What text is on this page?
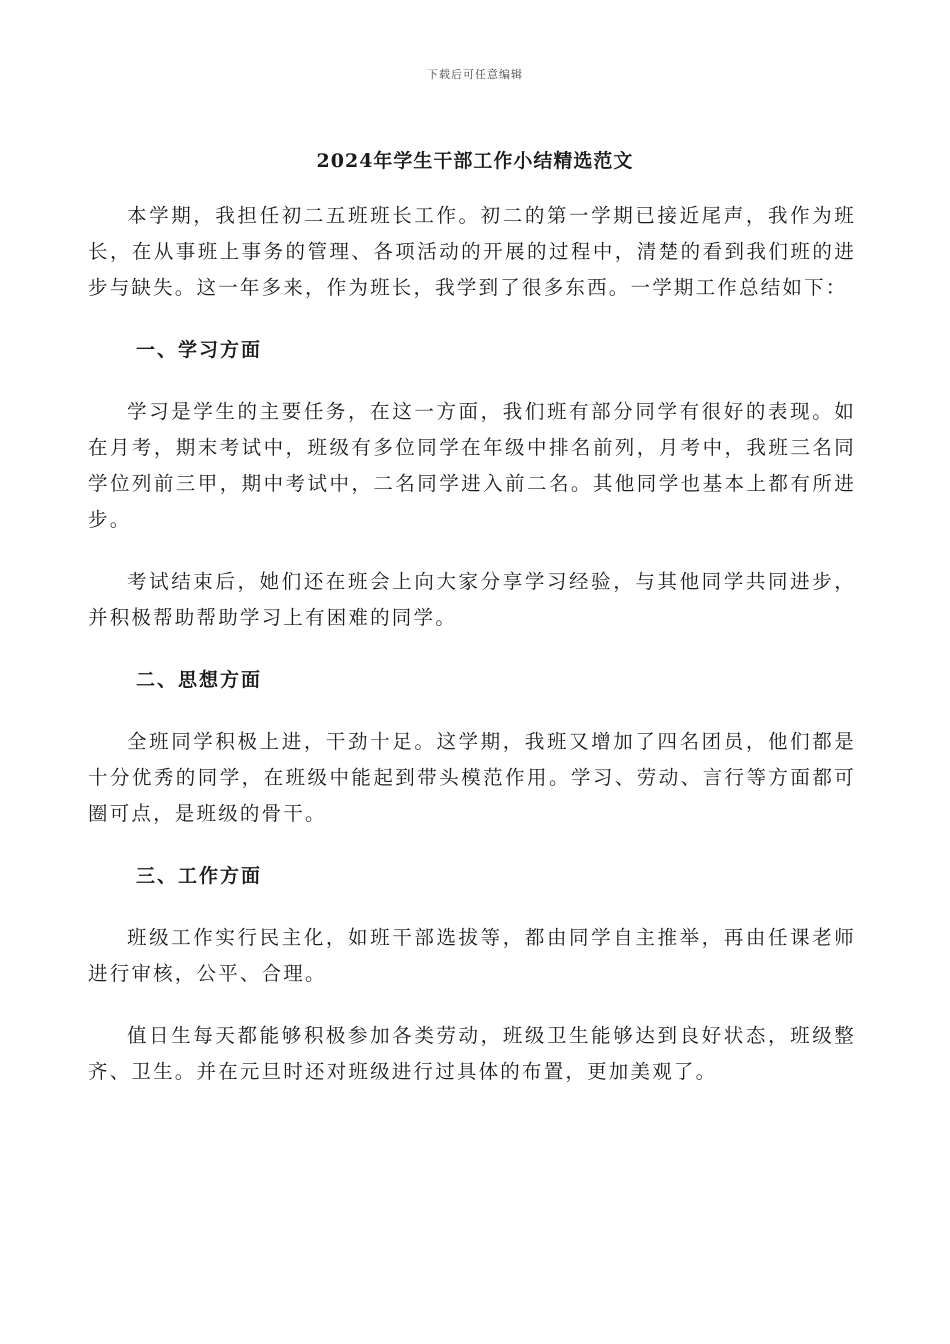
下载后可任意编辑
2024年学生干部工作小结精选范文

本学期，我担任初二五班班长工作。初二的第一学期已接近尾声，我作为班长，在从事班上事务的管理、各项活动的开展的过程中，清楚的看到我们班的进步与缺失。这一年多来，作为班长，我学到了很多东西。一学期工作总结如下：

一、学习方面

学习是学生的主要任务，在这一方面，我们班有部分同学有很好的表现。如在月考，期末考试中，班级有多位同学在年级中排名前列，月考中，我班三名同学位列前三甲，期中考试中，二名同学进入前二名。其他同学也基本上都有所进步。

考试结束后，她们还在班会上向大家分享学习经验，与其他同学共同进步，并积极帮助帮助学习上有困难的同学。

二、思想方面

全班同学积极上进，干劲十足。这学期，我班又增加了四名团员，他们都是十分优秀的同学，在班级中能起到带头模范作用。学习、劳动、言行等方面都可圈可点，是班级的骨干。

三、工作方面

班级工作实行民主化，如班干部选拔等，都由同学自主推举，再由任课老师进行审核，公平、合理。

值日生每天都能够积极参加各类劳动，班级卫生能够达到良好状态，班级整齐、卫生。并在元旦时还对班级进行过具体的布置，更加美观了。
